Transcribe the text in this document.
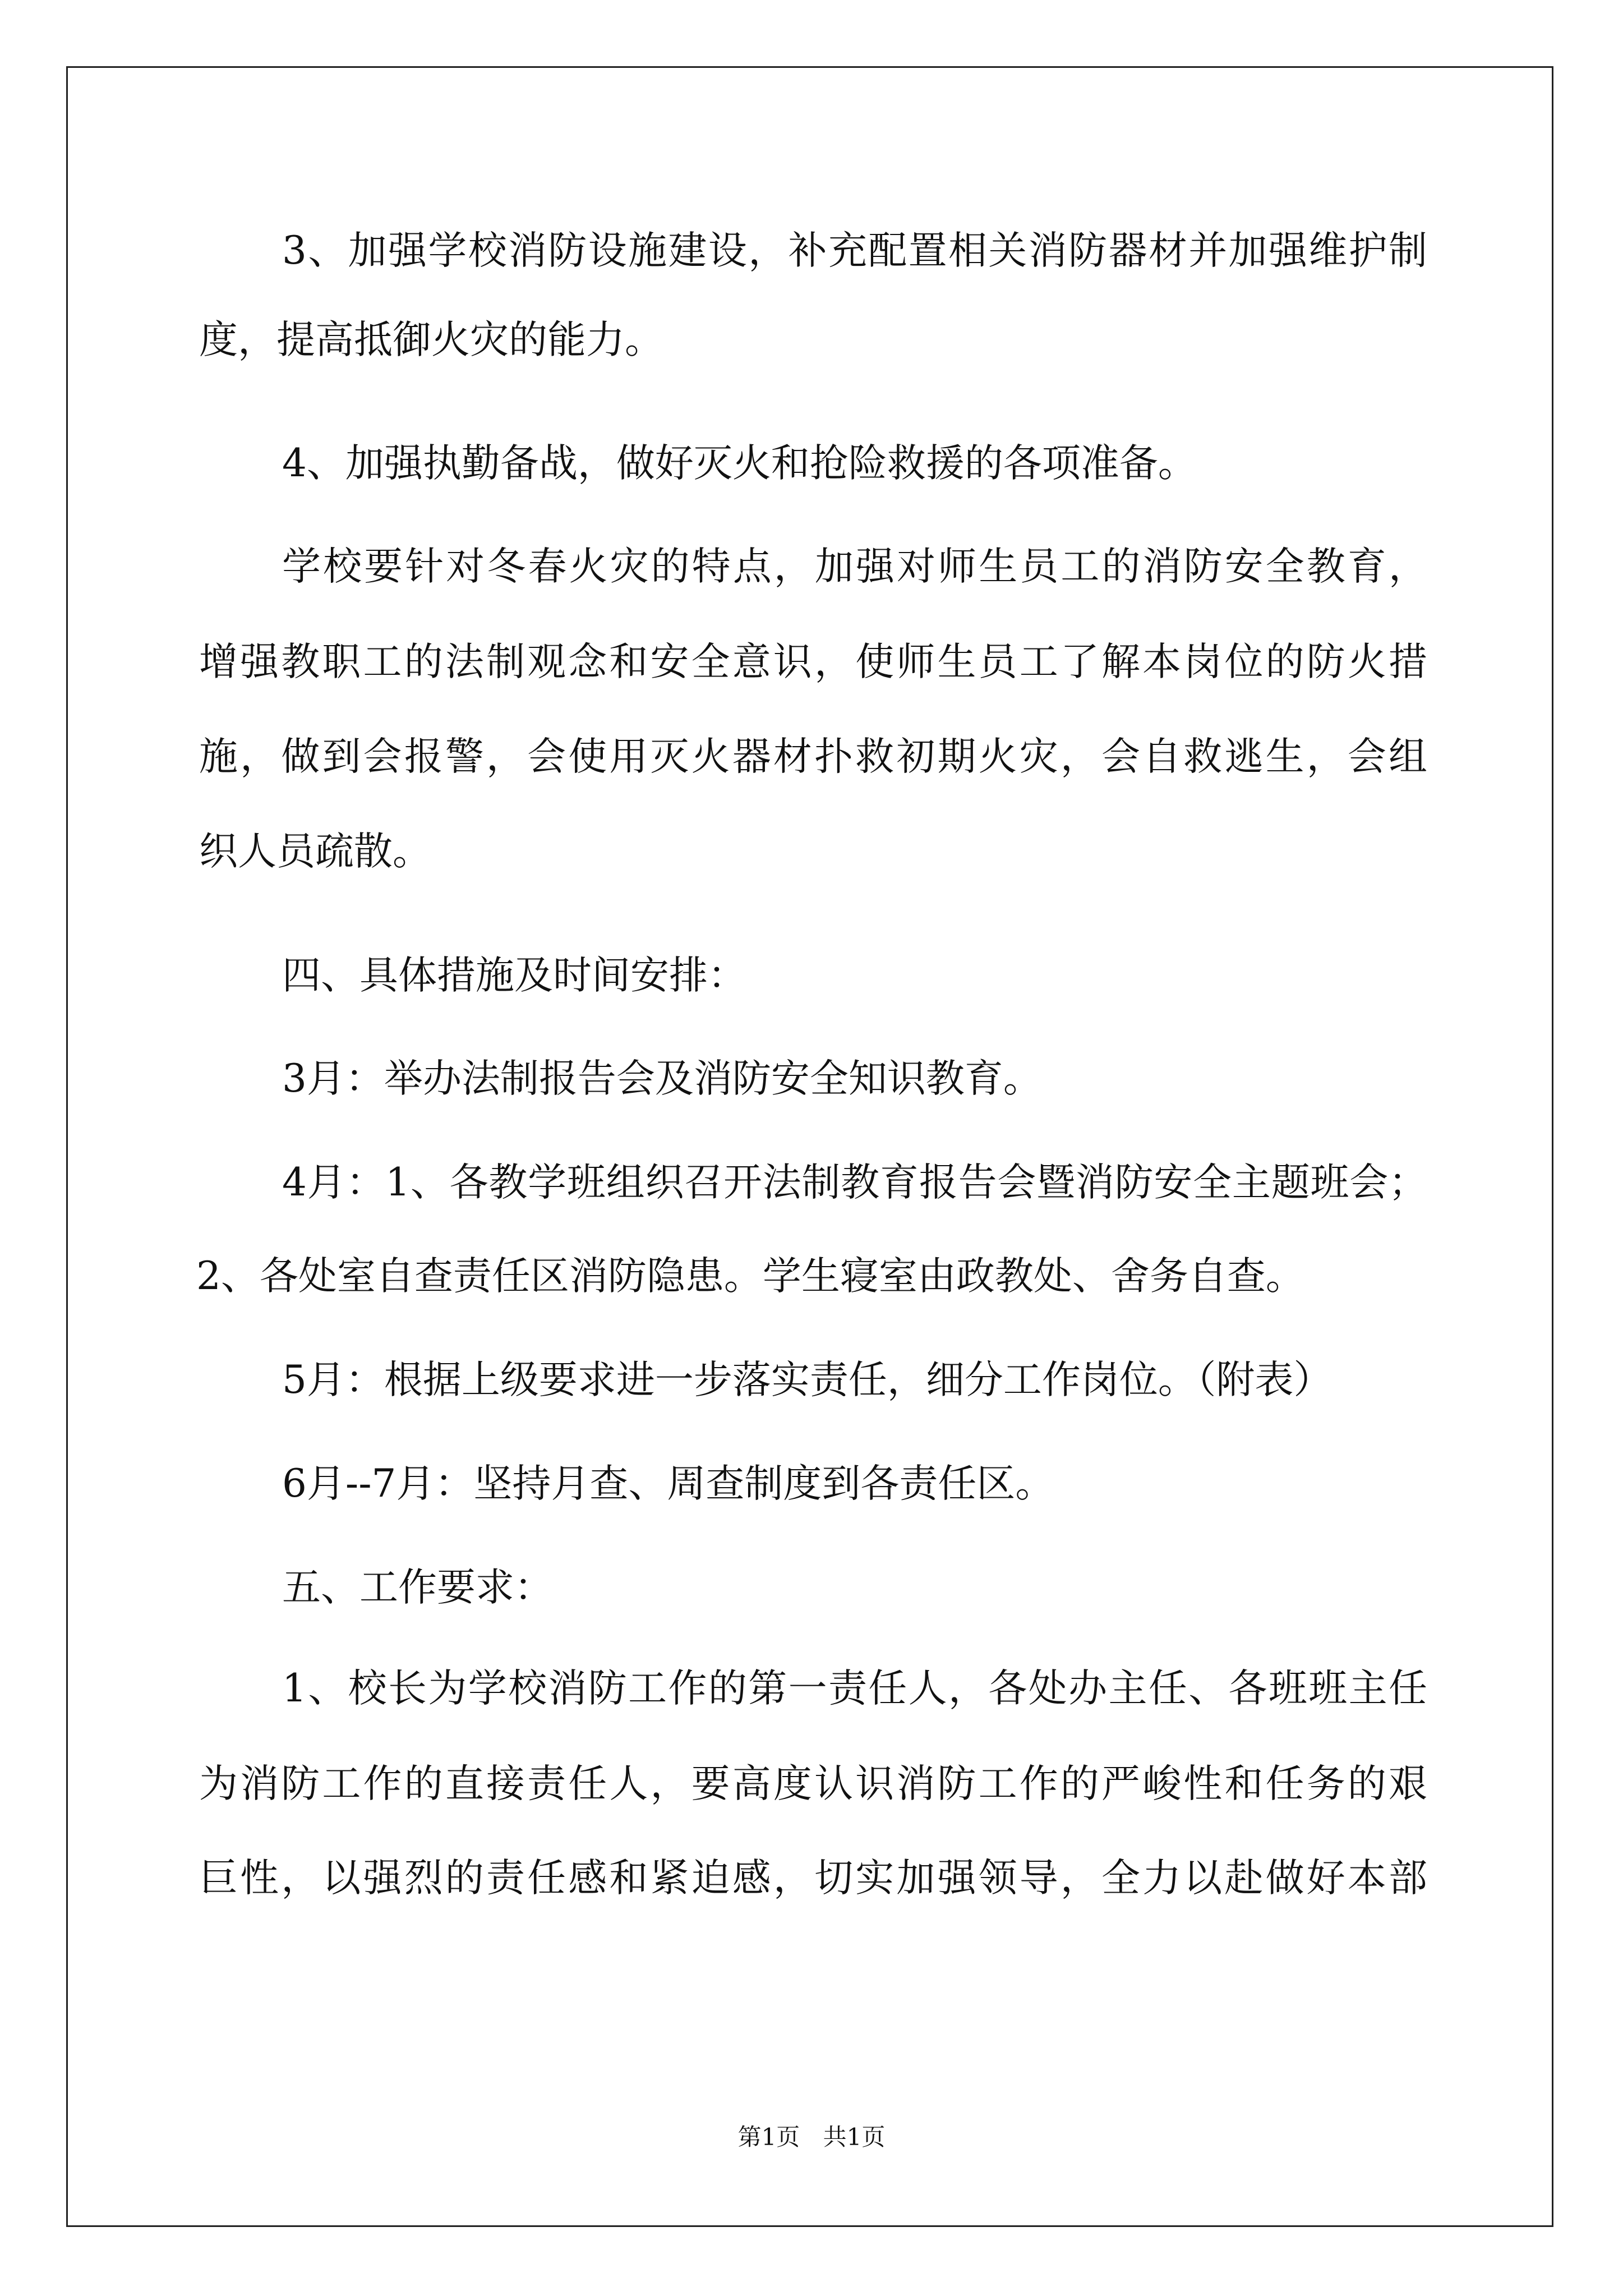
3、加强学校消防设施建设，补充配置相关消防器材并加强维护制
度，提高抵御火灾的能力。
4、加强执勤备战，做好灭火和抢险救援的各项准备。
学校要针对冬春火灾的特点，加强对师生员工的消防安全教育，
增强教职工的法制观念和安全意识，使师生员工了解本岗位的防火措
施，做到会报警，会使用灭火器材扑救初期火灾，会自救逃生，会组
织人员疏散。
四、具体措施及时间安排：
3月：举办法制报告会及消防安全知识教育。
4月：1、各教学班组织召开法制教育报告会暨消防安全主题班会；
2、各处室自查责任区消防隐患。学生寝室由政教处、舍务自查。
5月：根据上级要求进一步落实责任，细分工作岗位。（附表）
6月--7月：坚持月查、周查制度到各责任区。
五、工作要求：
1、校长为学校消防工作的第一责任人，各处办主任、各班班主任
为消防工作的直接责任人，要高度认识消防工作的严峻性和任务的艰
巨性，以强烈的责任感和紧迫感，切实加强领导，全力以赴做好本部
第1页 共1页
